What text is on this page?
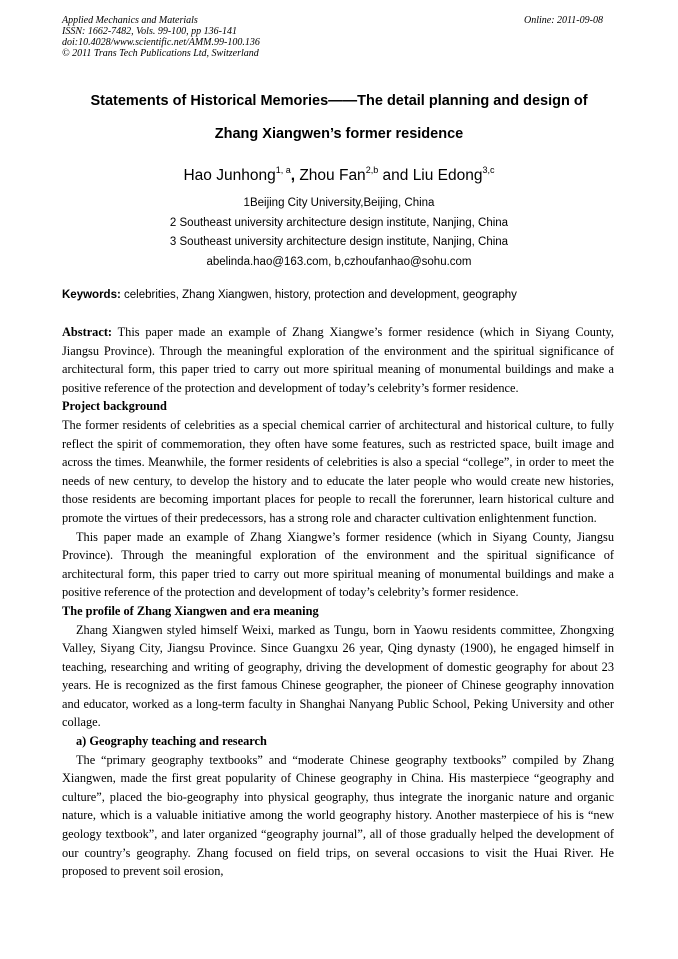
Applied Mechanics and Materials
ISSN: 1662-7482, Vols. 99-100, pp 136-141
doi:10.4028/www.scientific.net/AMM.99-100.136
© 2011 Trans Tech Publications Ltd, Switzerland
Online: 2011-09-08
Statements of Historical Memories——The detail planning and design of
Zhang Xiangwen’s former residence
Hao Junhong$^{1, a}$, Zhou Fan$^{2,b}$ and Liu Edong$^{3,c}$
1Beijing City University,Beijing, China
2 Southeast university architecture design institute, Nanjing, China
3 Southeast university architecture design institute, Nanjing, China
abelinda.hao@163.com, b,czhoufanhao@sohu.com
Keywords: celebrities, Zhang Xiangwen, history, protection and development, geography

Abstract: This paper made an example of Zhang Xiangwe’s former residence (which in Siyang County, Jiangsu Province). Through the meaningful exploration of the environment and the spiritual significance of architectural form, this paper tried to carry out more spiritual meaning of monumental buildings and make a positive reference of the protection and development of today’s celebrity’s former residence.

Project background

The former residents of celebrities as a special chemical carrier of architectural and historical culture, to fully reflect the spirit of commemoration, they often have some features, such as restricted space, built image and across the times. Meanwhile, the former residents of celebrities is also a special “college”, in order to meet the needs of new century, to develop the history and to educate the later people who would create new histories, those residents are becoming important places for people to recall the forerunner, learn historical culture and promote the virtues of their predecessors, has a strong role and character cultivation enlightenment function.

This paper made an example of Zhang Xiangwe’s former residence (which in Siyang County, Jiangsu Province). Through the meaningful exploration of the environment and the spiritual significance of architectural form, this paper tried to carry out more spiritual meaning of monumental buildings and make a positive reference of the protection and development of today’s celebrity’s former residence.

The profile of Zhang Xiangwen and era meaning

Zhang Xiangwen styled himself Weixi, marked as Tungu, born in Yaowu residents committee, Zhongxing Valley, Siyang City, Jiangsu Province. Since Guangxu 26 year, Qing dynasty (1900), he engaged himself in teaching, researching and writing of geography, driving the development of domestic geography for about 23 years. He is recognized as the first famous Chinese geographer, the pioneer of Chinese geography innovation and educator, worked as a long-term faculty in Shanghai Nanyang Public School, Peking University and other collage.

a) Geography teaching and research

The “primary geography textbooks” and “moderate Chinese geography textbooks” compiled by Zhang Xiangwen, made the first great popularity of Chinese geography in China. His masterpiece “geography and culture”, placed the bio-geography into physical geography, thus integrate the inorganic nature and organic nature, which is a valuable initiative among the world geography history. Another masterpiece of his is “new geology textbook”, and later organized “geography journal”, all of those gradually helped the development of our country’s geography. Zhang focused on field trips, on several occasions to visit the Huai River. He proposed to prevent soil erosion,
